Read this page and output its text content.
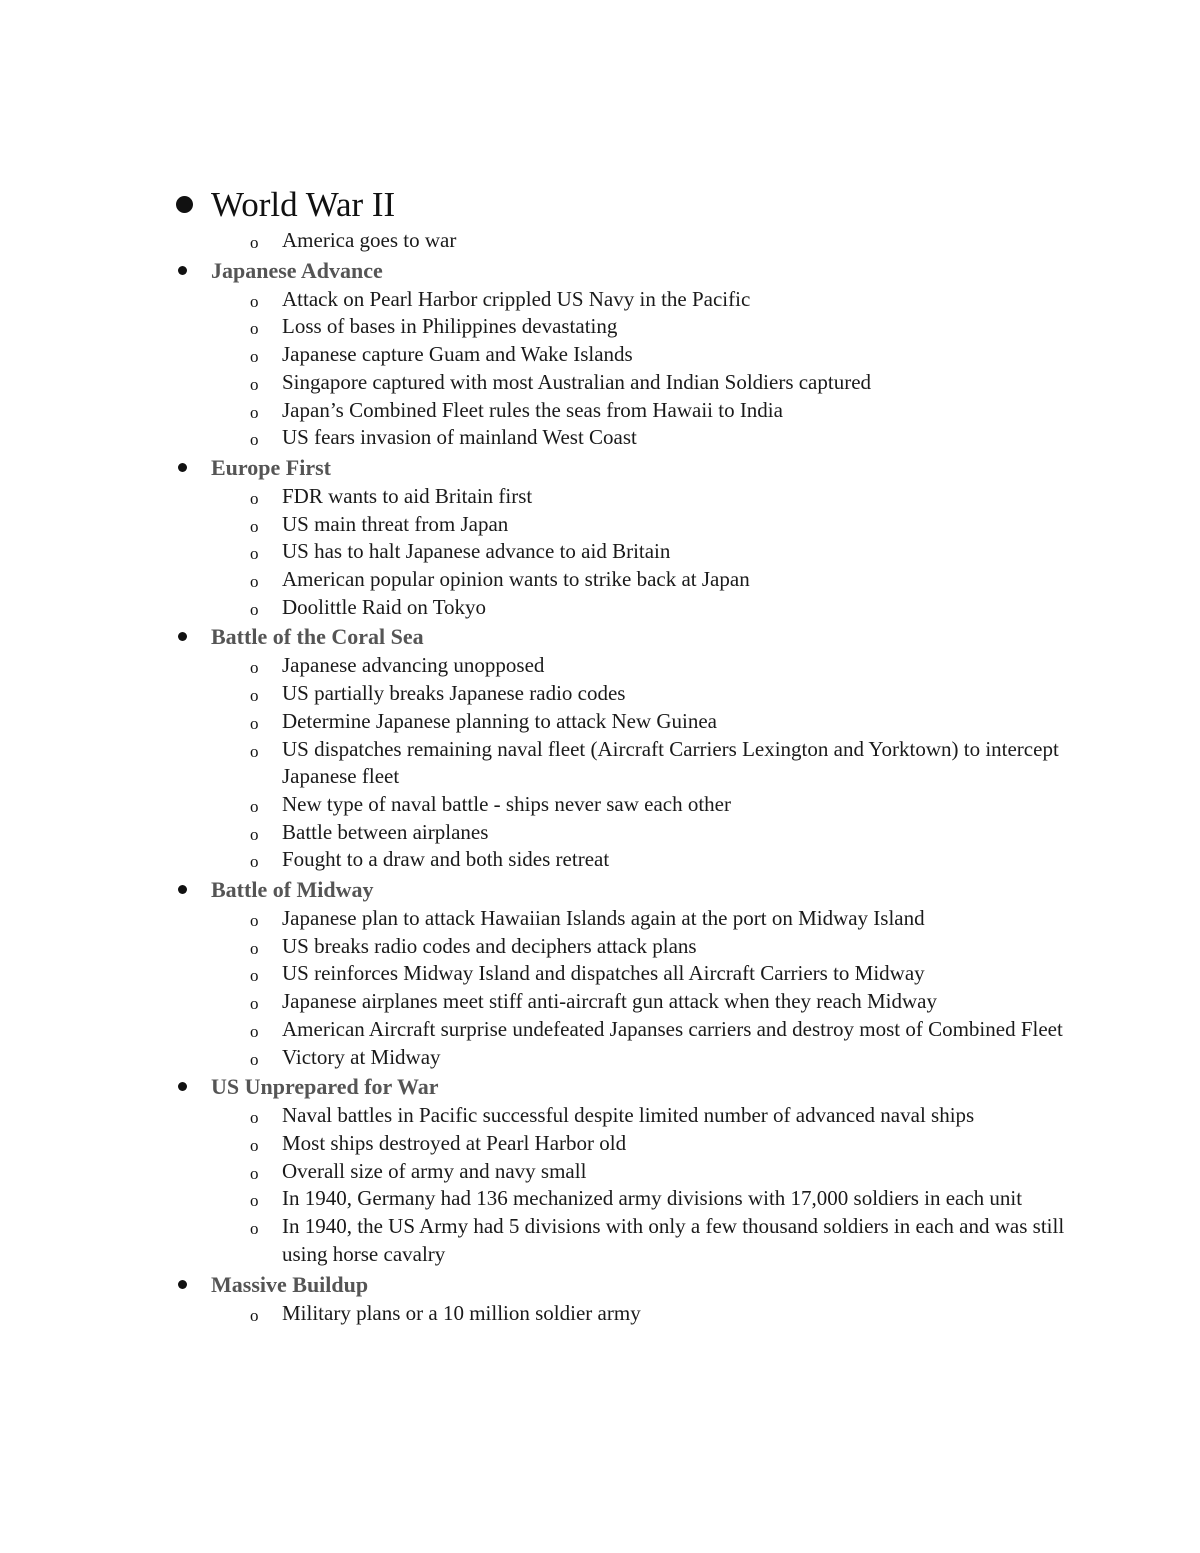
World War II
o America goes to war
Japanese Advance
o Attack on Pearl Harbor crippled US Navy in the Pacific
o Loss of bases in Philippines devastating
o Japanese capture Guam and Wake Islands
o Singapore captured with most Australian and Indian Soldiers captured
o Japan’s Combined Fleet rules the seas from Hawaii to India
o US fears invasion of mainland West Coast
Europe First
o FDR wants to aid Britain first
o US main threat from Japan
o US has to halt Japanese advance to aid Britain
o American popular opinion wants to strike back at Japan
o Doolittle Raid on Tokyo
Battle of the Coral Sea
o Japanese advancing unopposed
o US partially breaks Japanese radio codes
o Determine Japanese planning to attack New Guinea
o US dispatches remaining naval fleet (Aircraft Carriers Lexington and Yorktown) to intercept Japanese fleet
o New type of naval battle - ships never saw each other
o Battle between airplanes
o Fought to a draw and both sides retreat
Battle of Midway
o Japanese plan to attack Hawaiian Islands again at the port on Midway Island
o US breaks radio codes and deciphers attack plans
o US reinforces Midway Island and dispatches all Aircraft Carriers to Midway
o Japanese airplanes meet stiff anti-aircraft gun attack when they reach Midway
o American Aircraft surprise undefeated Japanses carriers and destroy most of Combined Fleet
o Victory at Midway
US Unprepared for War
o Naval battles in Pacific successful despite limited number of advanced naval ships
o Most ships destroyed at Pearl Harbor old
o Overall size of army and navy small
o In 1940, Germany had 136 mechanized army divisions with 17,000 soldiers in each unit
o In 1940, the US Army had 5 divisions with only a few thousand soldiers in each and was still using horse cavalry
Massive Buildup
o Military plans or a 10 million soldier army
